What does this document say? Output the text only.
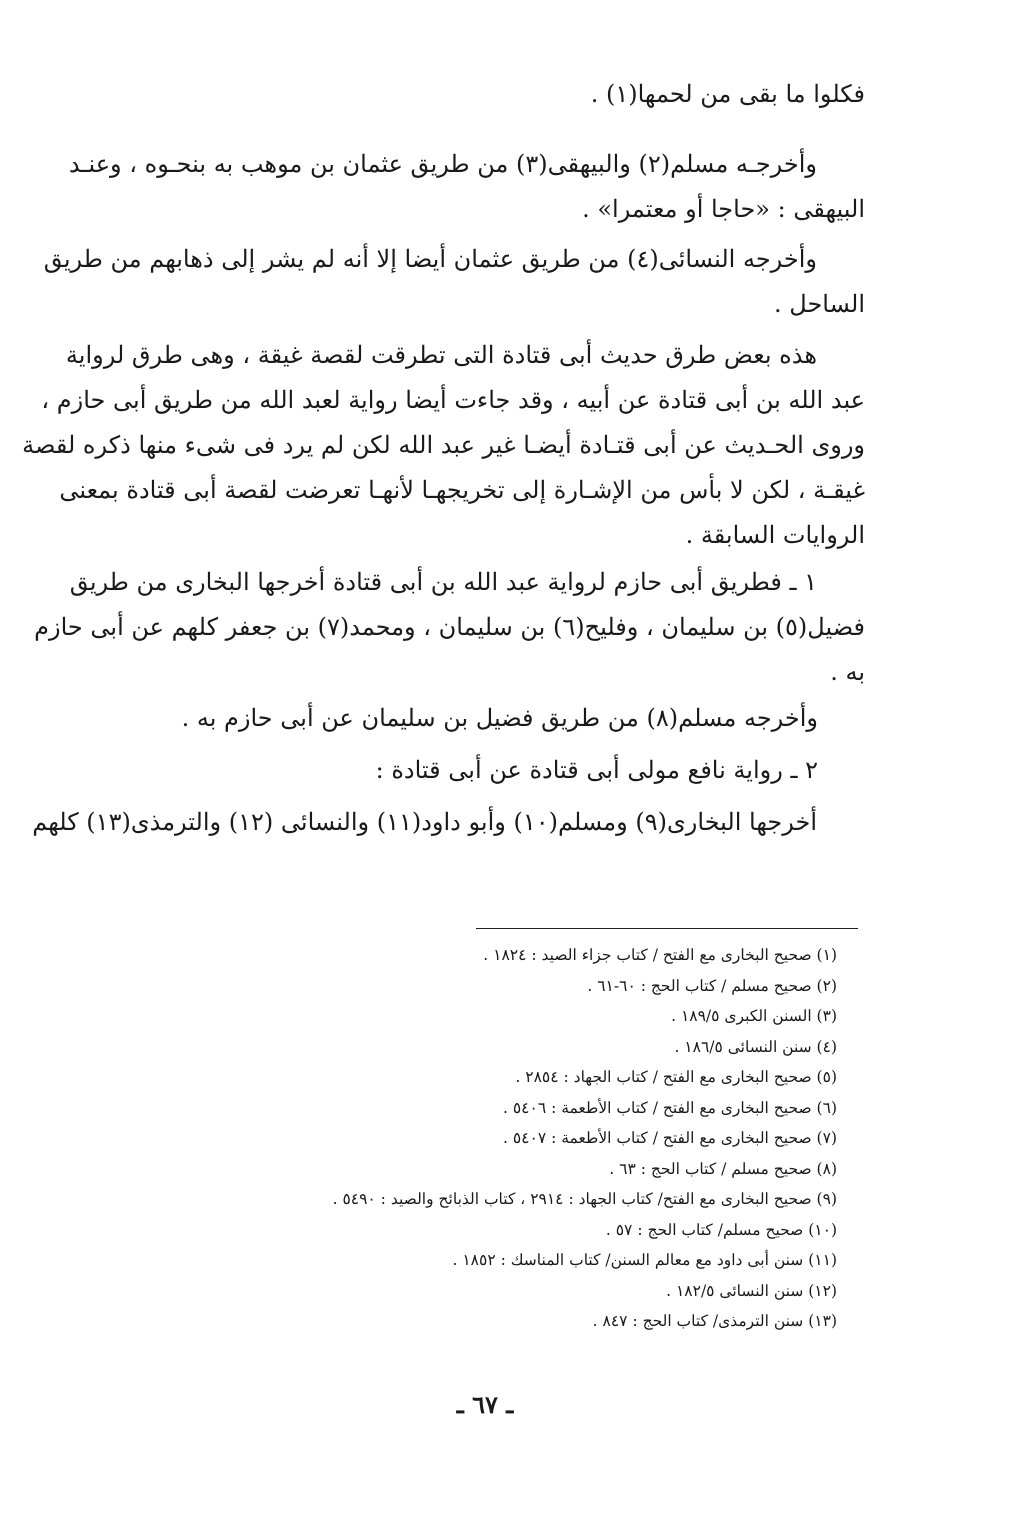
فكلوا ما بقى من لحمها(١) .
وأخرجـه مسلم(٢) والبيهقى(٣) من طريق عثمان بن موهب به بنحـوه ، وعنـد
البيهقى : «حاجا أو معتمرا» .
وأخرجه النسائى(٤) من طريق عثمان أيضا إلا أنه لم يشر إلى ذهابهم من طريق
الساحل .
هذه بعض طرق حديث أبى قتادة التى تطرقت لقصة غيقة ، وهى طرق لرواية
عبد الله بن أبى قتادة عن أبيه ، وقد جاءت أيضا رواية لعبد الله من طريق أبى حازم ،
وروى الحـديث عن أبى قتـادة أيضـا غير عبد الله لكن لم يرد فى شىء منها ذكره لقصة
غيقـة ، لكن لا بأس من الإشـارة إلى تخريجهـا لأنهـا تعرضت لقصة أبى قتادة بمعنى
الروايات السابقة .
١ ـ فطريق أبى حازم لرواية عبد الله بن أبى قتادة أخرجها البخارى من طريق
فضيل(٥) بن سليمان ، وفليح(٦) بن سليمان ، ومحمد(٧) بن جعفر كلهم عن أبى حازم
به .
وأخرجه مسلم(٨) من طريق فضيل بن سليمان عن أبى حازم به .
٢ ـ رواية نافع مولى أبى قتادة عن أبى قتادة :
أخرجها البخارى(٩) ومسلم(١٠) وأبو داود(١١) والنسائى (١٢) والترمذى(١٣) كلهم
(١) صحيح البخارى مع الفتح / كتاب جزاء الصيد : ١٨٢٤ .
(٢) صحيح مسلم / كتاب الحج : ٦٠-٦١ .
(٣) السنن الكبرى ١٨٩/٥ .
(٤) سنن النسائى ١٨٦/٥ .
(٥) صحيح البخارى مع الفتح / كتاب الجهاد : ٢٨٥٤ .
(٦) صحيح البخارى مع الفتح / كتاب الأطعمة : ٥٤٠٦ .
(٧) صحيح البخارى مع الفتح / كتاب الأطعمة : ٥٤٠٧ .
(٨) صحيح مسلم / كتاب الحج : ٦٣ .
(٩) صحيح البخارى مع الفتح/ كتاب الجهاد : ٢٩١٤ ، كتاب الذبائح والصيد : ٥٤٩٠ .
(١٠) صحيح مسلم/ كتاب الحج : ٥٧ .
(١١) سنن أبى داود مع معالم السنن/ كتاب المناسك : ١٨٥٢ .
(١٢) سنن النسائى ١٨٢/٥ .
(١٣) سنن الترمذى/ كتاب الحج : ٨٤٧ .
ـ ٦٧ ـ
